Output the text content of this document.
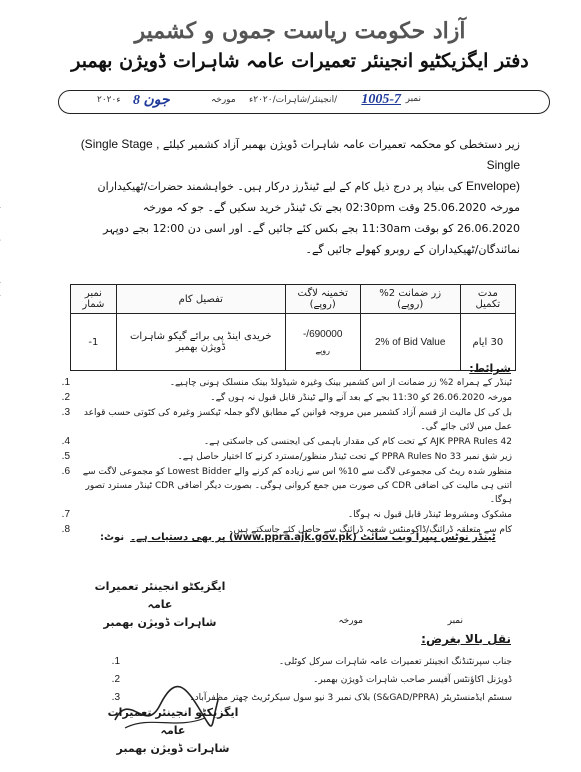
آزاد حکومت ریاست جموں و کشمیر
دفتر ایگزیکٹیو انجینئر تعمیرات عامہ شاہرات ڈویژن بھمبر
نمبر
1005-7
/انجینئر/شاہرات/۲۰۲۰ء
مورخہ
8 جون
۲۰۲۰ء
زیر دستخطی کو محکمہ تعمیرات عامہ شاہرات ڈویژن بھمبر آزاد کشمیر کیلئے (Single Stage , Single
Envelope) کی بنیاد پر درج ذیل کام کے لیے ٹینڈرز درکار ہیں۔ خواہشمند حضرات/ٹھیکیداران
مورخہ 25.06.2020 وقت 02:30pm بجے تک ٹینڈر خرید سکیں گے۔ جو کہ مورخہ
26.06.2020 کو بوقت 11:30am بجے بکس کئے جائیں گے۔ اور اسی دن 12:00 بجے دوپہر
نمائندگان/ٹھیکیداران کے روبرو کھولے جائیں گے۔
نمبر شمار	تفصیل کام	تخمینہ لاگت (روپے)	زر ضمانت 2% (روپے)	مدت تکمیل
1-	خریدی اینڈ پی برائے گیکو شاہرات ڈویژن بھمبر	690000/-
روپے	2% of Bid Value	30 ایام
شرائط:
1.	ٹینڈر کے ہمراہ 2% زر ضمانت از اس کشمیر بینک وغیرہ شیڈولڈ بینک منسلک ہونی چاہیے۔
2.	مورخہ 26.06.2020 کو 11:30 بجے کے بعد آنے والے ٹینڈر قابل قبول نہ ہوں گے۔
3.	بل کی کل مالیت از قسم آزاد کشمیر میں مروجہ قوانین کے مطابق لاگو جملہ ٹیکسز وغیرہ کی کٹوتی حسب قواعد عمل میں لائی جائے گی۔
4.	AJK PPRA Rules 42 کے تحت کام کی مقدار باہمی کی ایجنسی کی جاسکتی ہے۔
5.	زیر شق نمبر PPRA Rules No 33 کے تحت ٹینڈر منظور/مسترد کرنے کا اختیار حاصل ہے۔
6.	منظور شدہ ریٹ کی مجموعی لاگت سے 10% اس سے زیادہ کم کرنے والے Lowest Bidder کو مجموعی لاگت سے اتنی ہی مالیت کی اضافی CDR کی صورت میں جمع کروانی ہوگی۔ بصورت دیگر اضافی CDR ٹینڈر مسترد تصور ہوگا۔
7.	مشکوک ومشروط ٹینڈر قابل قبول نہ ہوگا۔
8.	کام سے متعلقہ ڈرائنگ/ڈاکومنٹس شعبہ ڈرائنگ سے حاصل کئے جاسکتے ہیں۔
نوٹ: ٹینڈر نوٹس پیپرا ویب سائٹ (www.ppra.ajk.gov.pk) پر بھی دستیاب ہے۔
ایگزیکٹو انجینئر تعمیرات عامہ
شاہرات ڈویژن بھمبر	نمبر
مورخہ
نقل بالا بغرض:
1.	جناب سپرنٹنڈنگ انجینئر تعمیرات عامہ شاہرات سرکل کوٹلی۔
2.	ڈویژنل اکاؤنٹس آفیسر صاحب شاہرات ڈویژن بھمبر۔
3.	سسٹم ایڈمنسٹریٹر (S&GAD/PPRA) بلاک نمبر 3 نیو سول سیکرٹریٹ چھتر مظفرآباد۔
ایگزیکٹو انجینئر تعمیرات عامہ
شاہرات ڈویژن بھمبر
